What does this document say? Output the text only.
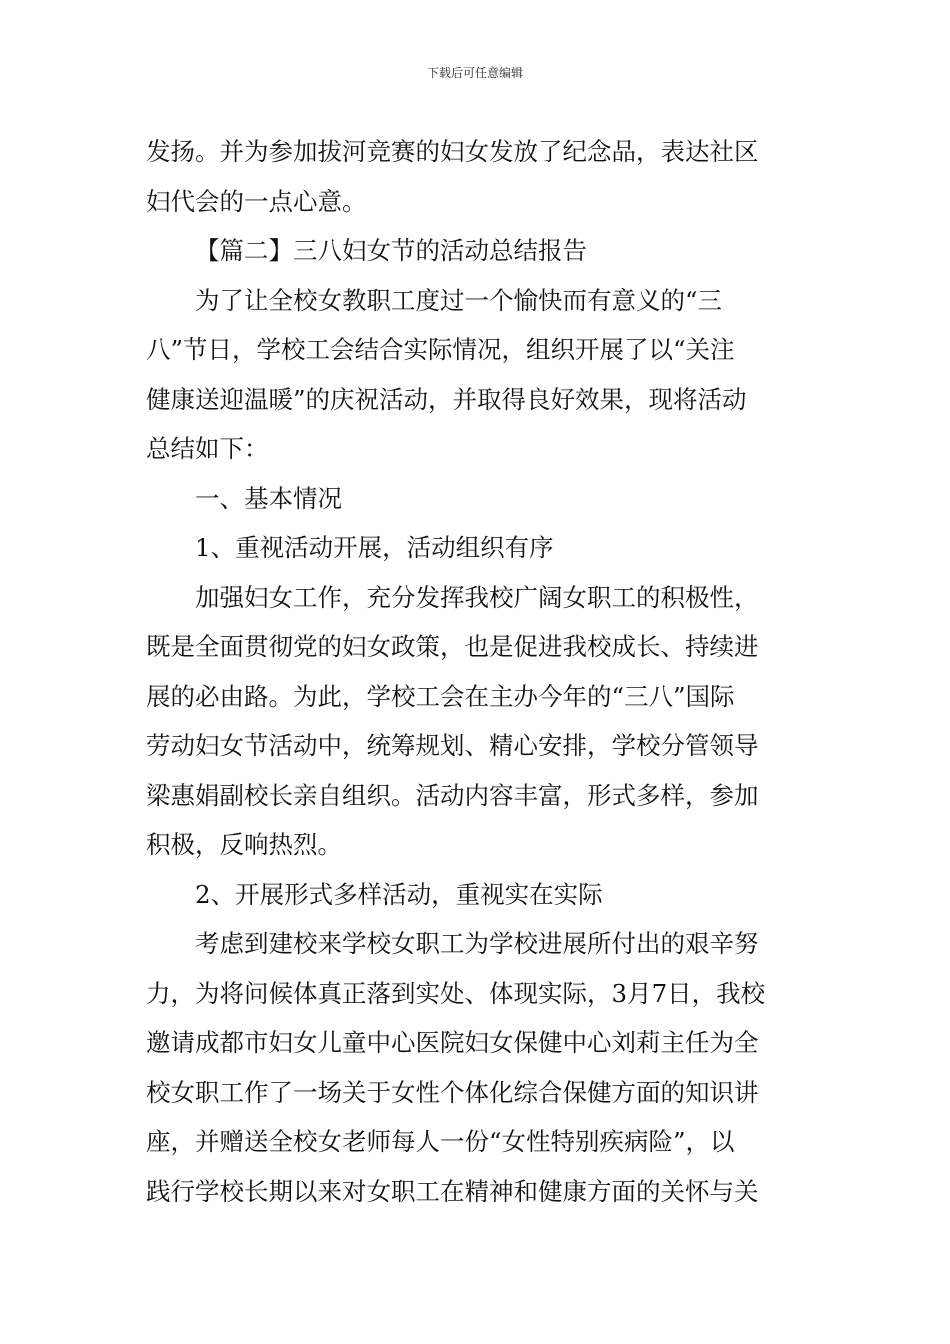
下载后可任意编辑
发扬。并为参加拔河竞赛的妇女发放了纪念品，表达社区
妇代会的一点心意。
【篇二】三八妇女节的活动总结报告
为了让全校女教职工度过一个愉快而有意义的“三
八”节日，学校工会结合实际情况，组织开展了以“关注
健康送迎温暖”的庆祝活动，并取得良好效果，现将活动
总结如下：
一、基本情况
1、重视活动开展，活动组织有序
加强妇女工作，充分发挥我校广阔女职工的积极性，
既是全面贯彻党的妇女政策，也是促进我校成长、持续进
展的必由路。为此，学校工会在主办今年的“三八”国际
劳动妇女节活动中，统筹规划、精心安排，学校分管领导
梁惠娟副校长亲自组织。活动内容丰富，形式多样，参加
积极，反响热烈。
2、开展形式多样活动，重视实在实际
考虑到建校来学校女职工为学校进展所付出的艰辛努
力，为将问候体真正落到实处、体现实际，3月7日，我校
邀请成都市妇女儿童中心医院妇女保健中心刘莉主任为全
校女职工作了一场关于女性个体化综合保健方面的知识讲
座，并赠送全校女老师每人一份“女性特别疾病险”，以
践行学校长期以来对女职工在精神和健康方面的关怀与关
